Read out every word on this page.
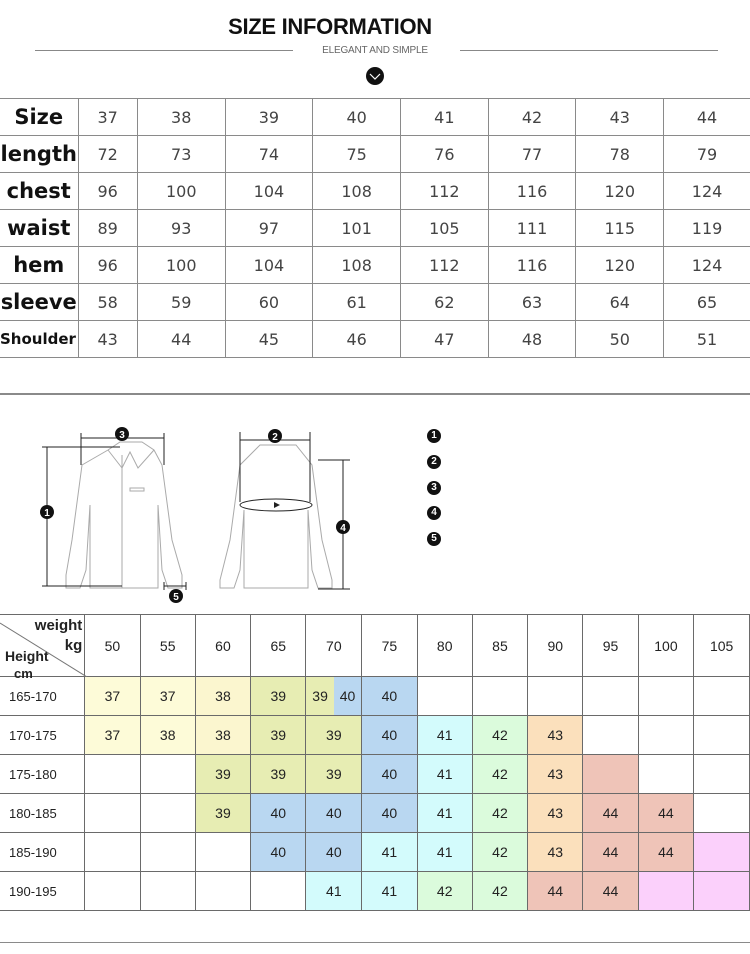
SIZE INFORMATION
ELEGANT AND SIMPLE
Size	37	38	39	40	41	42	43	44
length	72	73	74	75	76	77	78	79
chest	96	100	104	108	112	116	120	124
waist	89	93	97	101	105	111	115	119
hem	96	100	104	108	112	116	120	124
sleeve	58	59	60	61	62	63	64	65
Shoulder	43	44	45	46	47	48	50	51
1
3	2
4
5
1
2
3
4
5
weight
kg
Height
cm	50	55	60	65	70	75	80	85	90	95	100	105
165-170	37	37	38	39	39 40	40						
170-175	37	38	38	39	39	40	41	42	43			
175-180			39	39	39	40	41	42	43			
180-185			39	40	40	40	41	42	43	44	44	
185-190				40	40	41	41	42	43	44	44	
190-195					41	41	42	42	44	44		
